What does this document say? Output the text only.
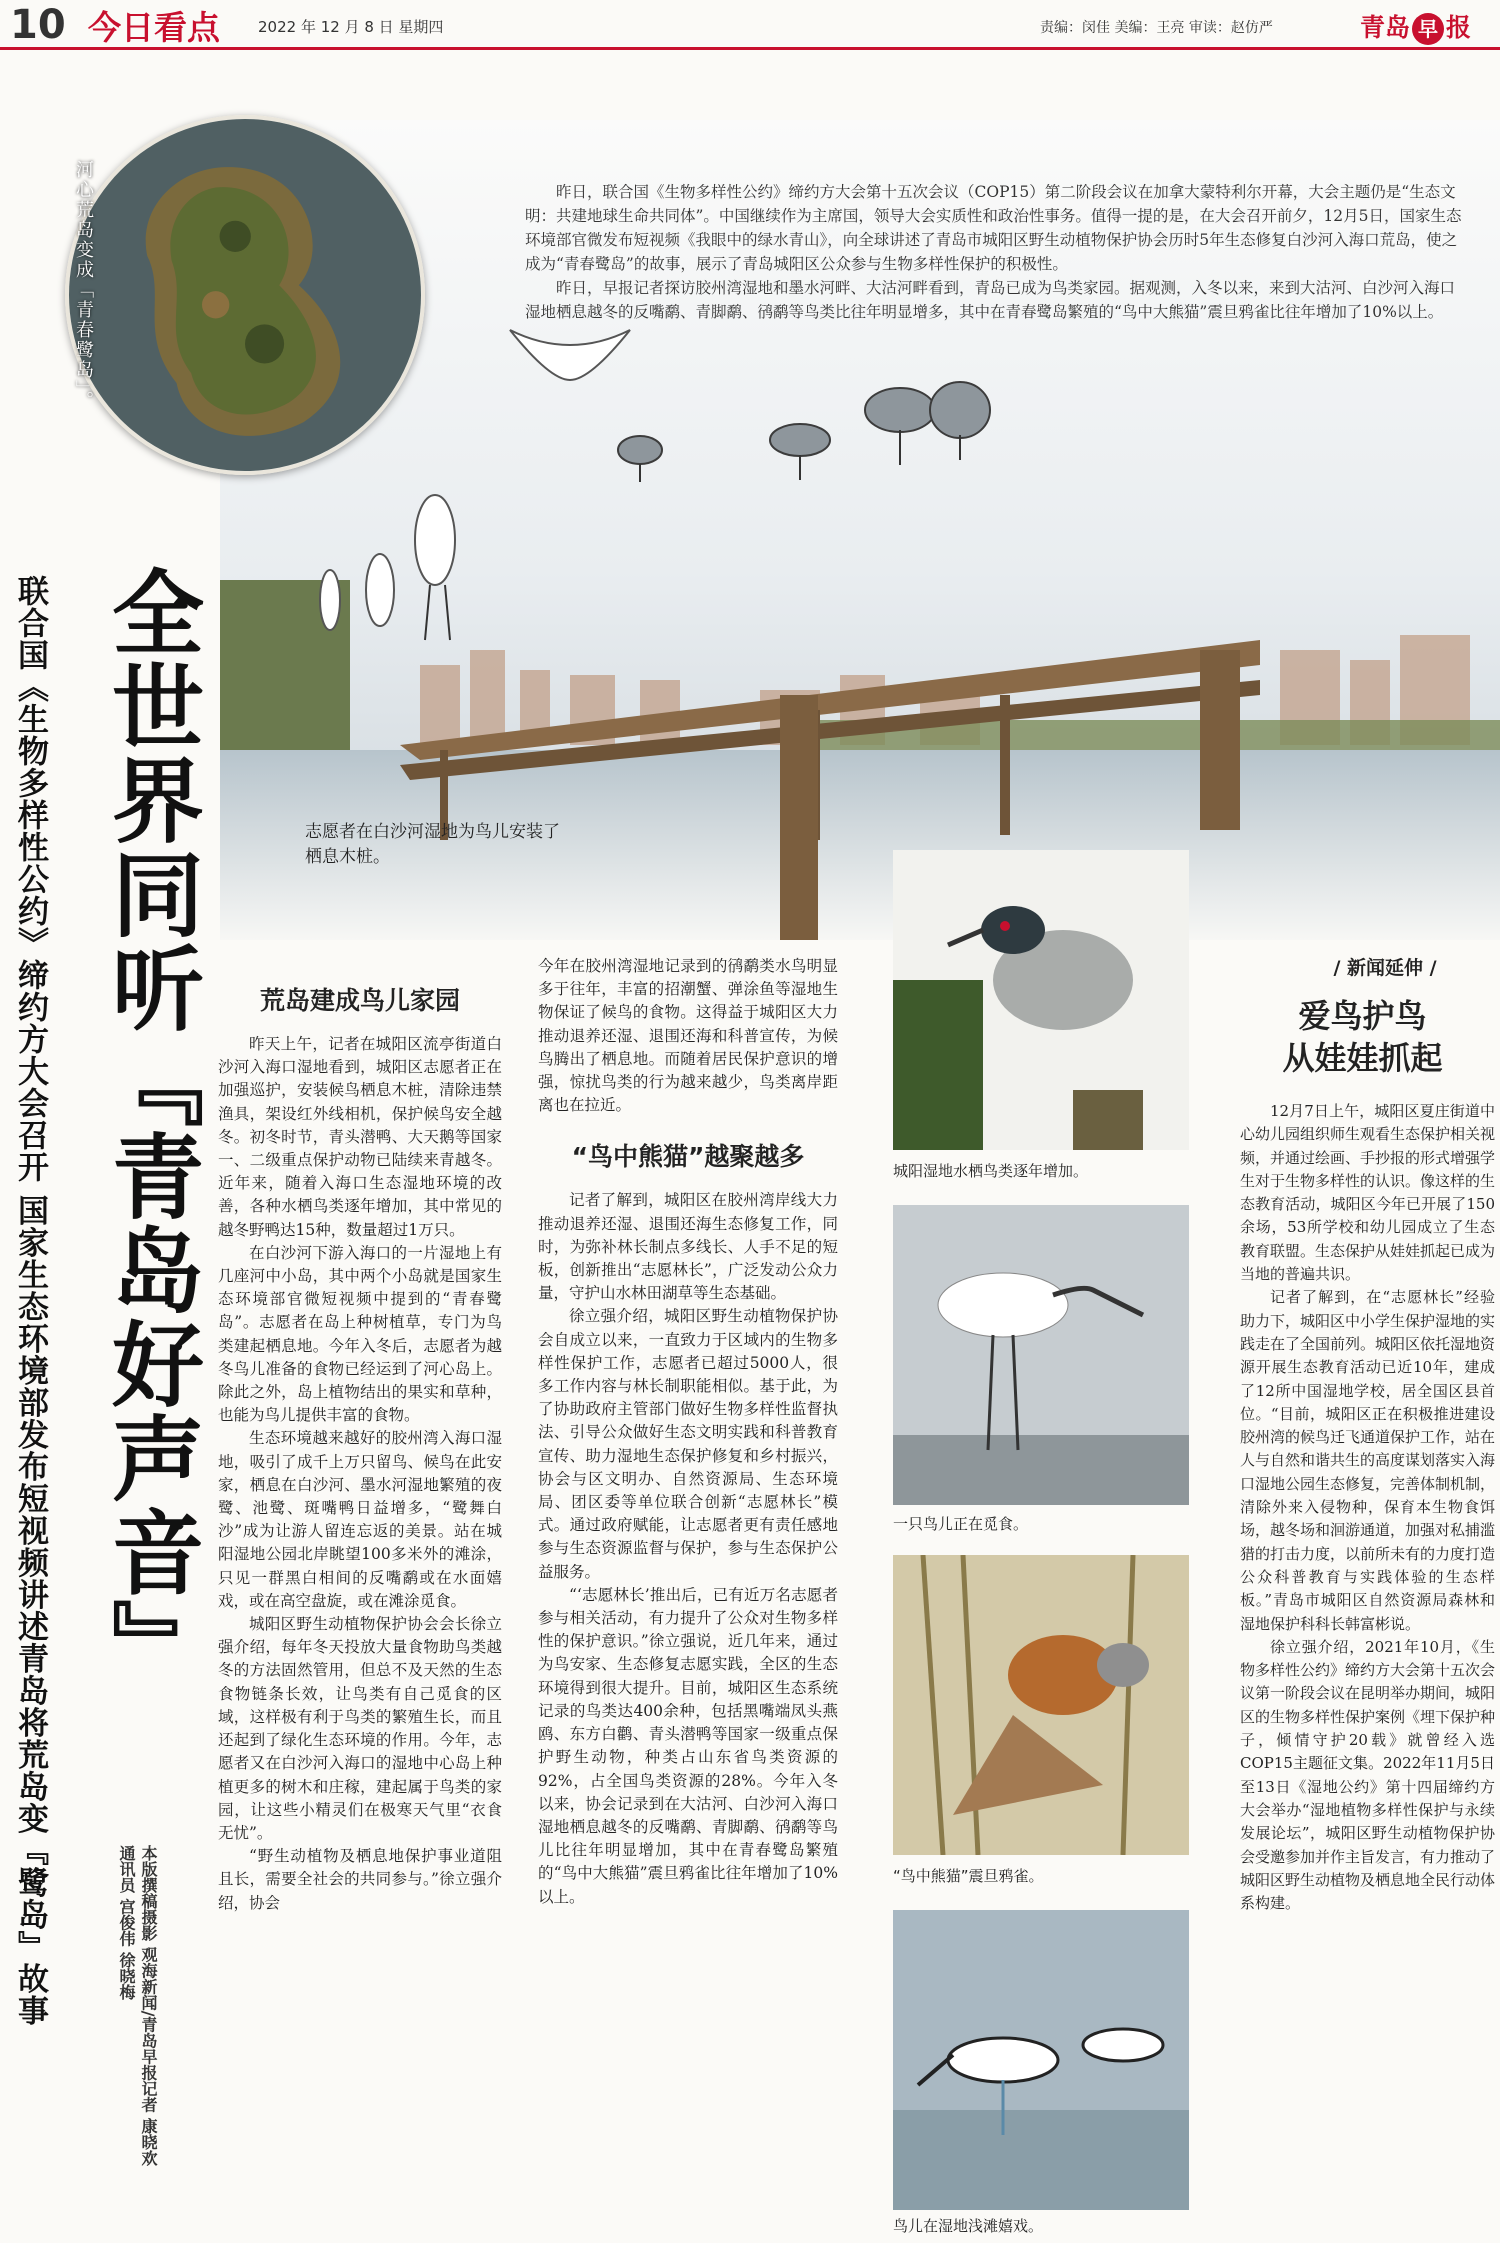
10 今日看点	2022 年 12 月 8 日 星期四	责编：闵佳 美编：王亮 审读：赵仿严	青岛 早 报
河心荒岛变成「青春鹭岛」。	昨日，联合国《生物多样性公约》缔约方大会第十五次会议（COP15）第二阶段会议在加拿大蒙特利尔开幕，大会主题仍是“生态文明：共建地球生命共同体”。中国继续作为主席国，领导大会实质性和政治性事务。值得一提的是，在大会召开前夕，12月5日，国家生态环境部官微发布短视频《我眼中的绿水青山》，向全球讲述了青岛市城阳区野生动植物保护协会历时5年生态修复白沙河入海口荒岛，使之成为“青春鹭岛”的故事，展示了青岛城阳区公众参与生物多样性保护的积极性。

昨日，早报记者探访胶州湾湿地和墨水河畔、大沽河畔看到，青岛已成为鸟类家园。据观测，入冬以来，来到大沽河、白沙河入海口湿地栖息越冬的反嘴鹬、青脚鹬、鸻鹬等鸟类比往年明显增多，其中在青春鹭岛繁殖的“鸟中大熊猫”震旦鸦雀比往年增加了10%以上。

志愿者在白沙河湿地为鸟儿安装了栖息木桩。
全世界同听『青岛好声音』
联合国《生物多样性公约》缔约方大会召开 国家生态环境部发布短视频讲述青岛将荒岛变『鹭岛』故事	本版撰稿摄影 观海新闻/青岛早报记者 康晓欢
通讯员 宫俊伟 徐晓梅
荒岛建成鸟儿家园

昨天上午，记者在城阳区流亭街道白沙河入海口湿地看到，城阳区志愿者正在加强巡护，安装候鸟栖息木桩，清除违禁渔具，架设红外线相机，保护候鸟安全越冬。初冬时节，青头潜鸭、大天鹅等国家一、二级重点保护动物已陆续来青越冬。近年来，随着入海口生态湿地环境的改善，各种水栖鸟类逐年增加，其中常见的越冬野鸭达15种，数量超过1万只。

在白沙河下游入海口的一片湿地上有几座河中小岛，其中两个小岛就是国家生态环境部官微短视频中提到的“青春鹭岛”。志愿者在岛上种树植草，专门为鸟类建起栖息地。今年入冬后，志愿者为越冬鸟儿准备的食物已经运到了河心岛上。除此之外，岛上植物结出的果实和草种，也能为鸟儿提供丰富的食物。

生态环境越来越好的胶州湾入海口湿地，吸引了成千上万只留鸟、候鸟在此安家，栖息在白沙河、墨水河湿地繁殖的夜鹭、池鹭、斑嘴鸭日益增多，“鹭舞白沙”成为让游人留连忘返的美景。站在城阳湿地公园北岸眺望100多米外的滩涂，只见一群黑白相间的反嘴鹬或在水面嬉戏，或在高空盘旋，或在滩涂觅食。

城阳区野生动植物保护协会会长徐立强介绍，每年冬天投放大量食物助鸟类越冬的方法固然管用，但总不及天然的生态食物链条长效，让鸟类有自己觅食的区域，这样极有利于鸟类的繁殖生长，而且还起到了绿化生态环境的作用。今年，志愿者又在白沙河入海口的湿地中心岛上种植更多的树木和庄稼，建起属于鸟类的家园，让这些小精灵们在极寒天气里“衣食无忧”。

“野生动植物及栖息地保护事业道阻且长，需要全社会的共同参与。”徐立强介绍，协会

今年在胶州湾湿地记录到的鸻鹬类水鸟明显多于往年，丰富的招潮蟹、弹涂鱼等湿地生物保证了候鸟的食物。这得益于城阳区大力推动退养还湿、退围还海和科普宣传，为候鸟腾出了栖息地。而随着居民保护意识的增强，惊扰鸟类的行为越来越少，鸟类离岸距离也在拉近。

“鸟中熊猫”越聚越多

记者了解到，城阳区在胶州湾岸线大力推动退养还湿、退围还海生态修复工作，同时，为弥补林长制点多线长、人手不足的短板，创新推出“志愿林长”，广泛发动公众力量，守护山水林田湖草等生态基础。

徐立强介绍，城阳区野生动植物保护协会自成立以来，一直致力于区域内的生物多样性保护工作，志愿者已超过5000人，很多工作内容与林长制职能相似。基于此，为了协助政府主管部门做好生物多样性监督执法、引导公众做好生态文明实践和科普教育宣传、助力湿地生态保护修复和乡村振兴，协会与区文明办、自然资源局、生态环境局、团区委等单位联合创新“志愿林长”模式。通过政府赋能，让志愿者更有责任感地参与生态资源监督与保护，参与生态保护公益服务。

“‘志愿林长’推出后，已有近万名志愿者参与相关活动，有力提升了公众对生物多样性的保护意识。”徐立强说，近几年来，通过为鸟安家、生态修复志愿实践，全区的生态环境得到很大提升。目前，城阳区生态系统记录的鸟类达400余种，包括黑嘴端凤头燕鸥、东方白鹳、青头潜鸭等国家一级重点保护野生动物，种类占山东省鸟类资源的92%，占全国鸟类资源的28%。今年入冬以来，协会记录到在大沽河、白沙河入海口湿地栖息越冬的反嘴鹬、青脚鹬、鸻鹬等鸟儿比往年明显增加，其中在青春鹭岛繁殖的“鸟中大熊猫”震旦鸦雀比往年增加了10%以上。

城阳湿地水栖鸟类逐年增加。
一只鸟儿正在觅食。
“鸟中熊猫”震旦鸦雀。
鸟儿在湿地浅滩嬉戏。
/ 新闻延伸 /
爱鸟护鸟
从娃娃抓起

12月7日上午，城阳区夏庄街道中心幼儿园组织师生观看生态保护相关视频，并通过绘画、手抄报的形式增强学生对于生物多样性的认识。像这样的生态教育活动，城阳区今年已开展了150余场，53所学校和幼儿园成立了生态教育联盟。生态保护从娃娃抓起已成为当地的普遍共识。

记者了解到，在“志愿林长”经验助力下，城阳区中小学生保护湿地的实践走在了全国前列。城阳区依托湿地资源开展生态教育活动已近10年，建成了12所中国湿地学校，居全国区县首位。“目前，城阳区正在积极推进建设胶州湾的候鸟迁飞通道保护工作，站在人与自然和谐共生的高度谋划落实入海口湿地公园生态修复，完善体制机制，清除外来入侵物种，保育本生物食饵场，越冬场和洄游通道，加强对私捕滥猎的打击力度，以前所未有的力度打造公众科普教育与实践体验的生态样板。”青岛市城阳区自然资源局森林和湿地保护科科长韩富彬说。

徐立强介绍，2021年10月，《生物多样性公约》缔约方大会第十五次会议第一阶段会议在昆明举办期间，城阳区的生物多样性保护案例《埋下保护种子，倾情守护20载》就曾经入选COP15主题征文集。2022年11月5日至13日《湿地公约》第十四届缔约方大会举办“湿地植物多样性保护与永续发展论坛”，城阳区野生动植物保护协会受邀参加并作主旨发言，有力推动了城阳区野生动植物及栖息地全民行动体系构建。
